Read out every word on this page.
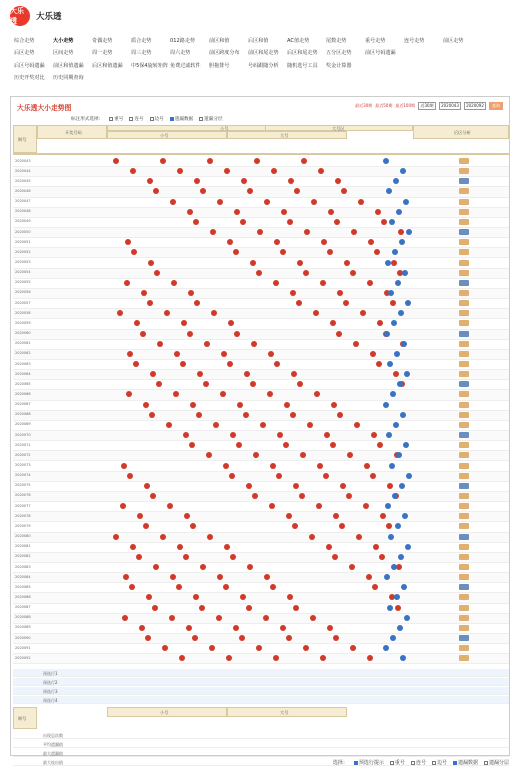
大乐透	大乐透
综合走势	大小走势	奇偶走势	质合走势	012路走势	前区和值	后区和值	AC值走势	尾数走势	重号走势	连号走势	前区走势
后区走势	区间走势	周一走势	周三走势	周六走势	前区跨度分布	前区和尾走势	后区和尾走势	五分区走势	前区号码遗漏
后区号码遗漏	前区和值遗漏	后区和值遗漏	中5保4旋转矩阵 免费过滤软件	胆拖排号	号码跟随分析	随机选号工具	奖金计算器
历史开奖对比	历史同期查询
大乐透大小走势图	最近30期 最近50期 最近100期	近30期	2020043	2020092	查询
标注形式选择：	重号	连号	边号	遗漏数据	遗漏分层
期号
开奖号码
小号
小号	大号
大号区
后区分析
2020043
2020044
2020045
2020046
2020047
2020048
2020049
2020050
2020051
2020052
2020053
2020054
2020055
2020056
2020057
2020058
2020059
2020060
2020061
2020062
2020063
2020064
2020065
2020066
2020067
2020068
2020069
2020070
2020071
2020072
2020073
2020074
2020075
2020076
2020077
2020078
2020079
2020080
2020081
2020082
2020083
2020084
2020085
2020086
2020087
2020088
2020089
2020090
2020091
2020092
预选行1
预选行2
预选行3
预选行4
期号
小号	大号
出现总次数
平均遗漏值
最大遗漏值
最大连出值	选择：	预选行提示	重号	连号	边号	遗漏数据	遗漏分层
